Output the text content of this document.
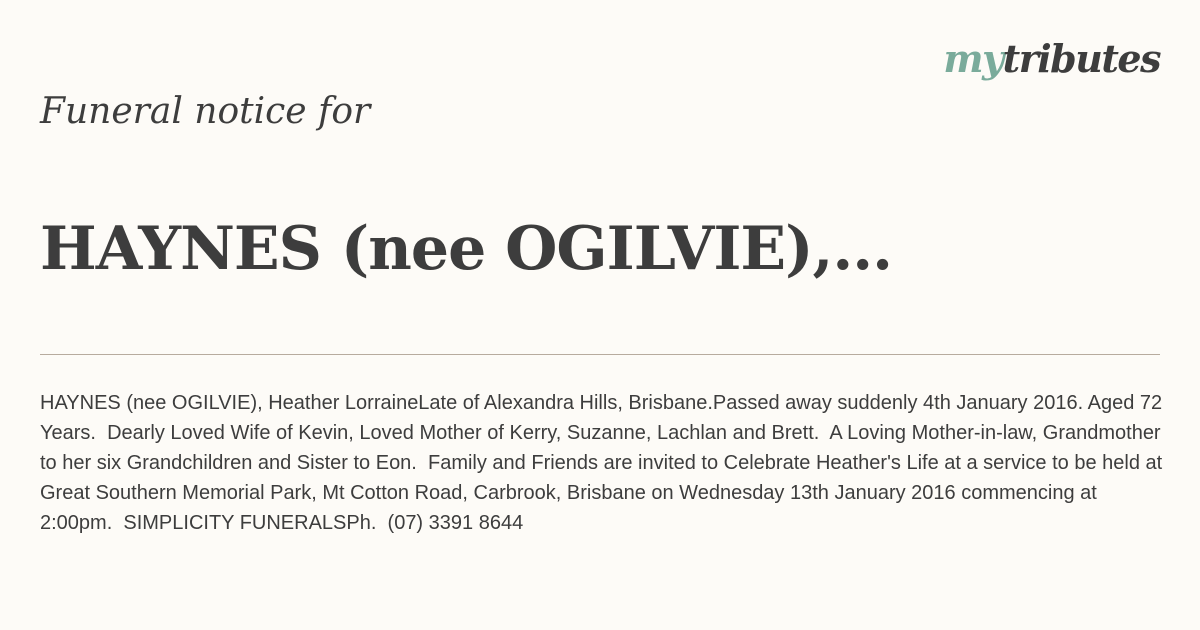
mytributes
Funeral notice for
HAYNES (nee OGILVIE),...
HAYNES (nee OGILVIE), Heather LorraineLate of Alexandra Hills, Brisbane.Passed away suddenly 4th January 2016. Aged 72 Years.  Dearly Loved Wife of Kevin, Loved Mother of Kerry, Suzanne, Lachlan and Brett.  A Loving Mother-in-law, Grandmother to her six Grandchildren and Sister to Eon.  Family and Friends are invited to Celebrate Heather's Life at a service to be held at Great Southern Memorial Park, Mt Cotton Road, Carbrook, Brisbane on Wednesday 13th January 2016 commencing at 2:00pm.  SIMPLICITY FUNERALSPh.  (07) 3391 8644
